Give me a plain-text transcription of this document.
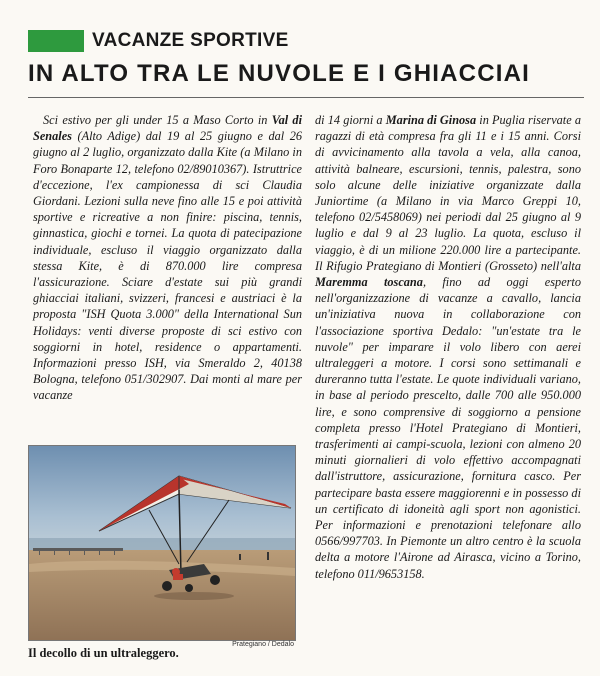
VACANZE SPORTIVE
IN ALTO TRA LE NUVOLE E I GHIACCIAI

Sci estivo per gli under 15 a Maso Corto in Val di Senales (Alto Adige) dal 19 al 25 giugno e dal 26 giugno al 2 luglio, organizzato dalla Kite (a Milano in Foro Bonaparte 12, telefono 02/89010367). Istruttrice d'eccezione, l'ex campionessa di sci Claudia Giordani. Lezioni sulla neve fino alle 15 e poi attività sportive e ricreative a non finire: piscina, tennis, ginnastica, giochi e tornei. La quota di patecipazione individuale, escluso il viaggio organizzato dalla stessa Kite, è di 870.000 lire compresa l'assicurazione. Sciare d'estate sui più grandi ghiacciai italiani, svizzeri, francesi e austriaci è la proposta "ISH Quota 3.000" della International Sun Holidays: venti diverse proposte di sci estivo con soggiorni in hotel, residence o appartamenti. Informazioni presso ISH, via Smeraldo 2, 40138 Bologna, telefono 051/302907. Dai monti al mare per vacanze

di 14 giorni a Marina di Ginosa in Puglia riservate a ragazzi di età compresa fra gli 11 e i 15 anni. Corsi di avvicinamento alla tavola a vela, alla canoa, attività balneare, escursioni, tennis, palestra, sono solo alcune delle iniziative organizzate dalla Juniortime (a Milano in via Marco Greppi 10, telefono 02/5458069) nei periodi dal 25 giugno al 9 luglio e dal 9 al 23 luglio. La quota, escluso il viaggio, è di un milione 220.000 lire a partecipante. Il Rifugio Prategiano di Montieri (Grosseto) nell'alta Maremma toscana, fino ad oggi esperto nell'organizzazione di vacanze a cavallo, lancia un'iniziativa nuova in collaborazione con l'associazione sportiva Dedalo: "un'estate tra le nuvole" per imparare il volo libero con aerei ultraleggeri a motore. I corsi sono settimanali e dureranno tutta l'estate. Le quote individuali variano, in base al periodo prescelto, dalle 700 alle 950.000 lire, e sono comprensive di soggiorno a pensione completa presso l'Hotel Prategiano di Montieri, trasferimenti ai campi-scuola, lezioni con almeno 20 minuti giornalieri di volo effettivo accompagnati dall'istruttore, assicurazione, fornitura casco. Per partecipare basta essere maggiorenni e in possesso di un certificato di idoneità agli sport non agonistici. Per informazioni e prenotazioni telefonare allo 0566/997703. In Piemonte un altro centro è la scuola delta a motore l'Airone ad Airasca, vicino a Torino, telefono 011/9653158.

Prategiano / Dedalo
Il decollo di un ultraleggero.
